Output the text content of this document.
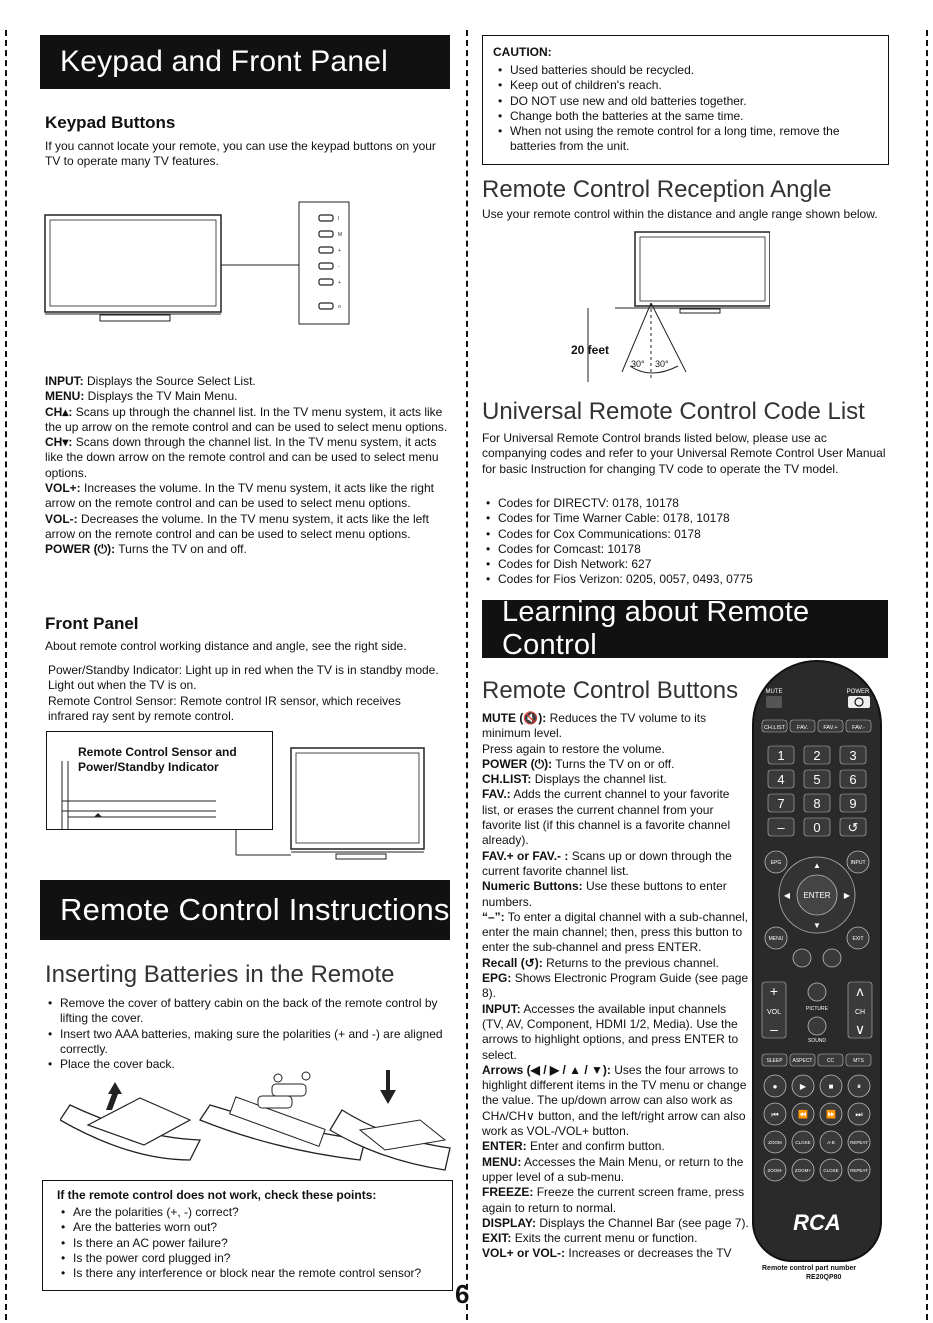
Keypad and Front Panel
Keypad Buttons
If you cannot locate your remote, you can use the keypad buttons on your TV to operate many TV features.
I
M
+
-
+
o

INPUT: Displays the Source Select List.

MENU: Displays the TV Main Menu.

CH▴: Scans up through the channel list. In the TV menu system, it acts like the up arrow on the remote control and can be used to select menu options.

CH▾: Scans down through the channel list. In the TV menu system, it acts like the down arrow on the remote control and can be used to select menu options.

VOL+: Increases the volume. In the TV menu system, it acts like the right arrow on the remote control and can be used to select menu options.

VOL-: Decreases the volume. In the TV menu system, it acts like the left arrow on the remote control and can be used to select menu options.

POWER (⏻): Turns the TV on and off.

Front Panel
About remote control working distance and angle, see the right side.
Power/Standby Indicator: Light up in red when the TV is in standby mode. Light out when the TV is on.
Remote Control Sensor: Remote control IR sensor, which receives infrared ray sent by remote control.
Remote Control Sensor and Power/Standby Indicator
Remote Control Instructions
Inserting Batteries in the Remote
• Remove the cover of battery cabin on the back of the remote control by lifting the cover.
• Insert two AAA batteries, making sure the polarities (+ and -) are aligned correctly.
• Place the cover back.
If the remote control does not work, check these points:
• Are the polarities (+, -) correct?
• Are the batteries worn out?
• Is there an AC power failure?
• Is the power cord plugged in?
• Is there any interference or block near the remote control sensor?
CAUTION:
• Used batteries should be recycled.
• Keep out of children's reach.
• DO NOT use new and old batteries together.
• Change both the batteries at the same time.
• When not using the remote control for a long time, remove the batteries from the unit.
Remote Control Reception Angle
Use your remote control within the distance and angle range shown below.
20 feet
30° 30°
Universal Remote Control Code List
For Universal Remote Control brands listed below, please use ac companying codes and refer to your Universal Remote Control User Manual for basic Instruction for changing TV code to operate the TV model.
• Codes for DIRECTV: 0178, 10178
• Codes for Time Warner Cable: 0178, 10178
• Codes for Cox Communications: 0178
• Codes for Comcast: 10178
• Codes for Dish Network: 627
• Codes for Fios Verizon: 0205, 0057, 0493, 0775
Learning about Remote Control
Remote Control Buttons

MUTE (🔇): Reduces the TV volume to its minimum level.

Press again to restore the volume.

POWER (⏻): Turns the TV on or off.

CH.LIST: Displays the channel list.

FAV.: Adds the current channel to your favorite list, or erases the current channel from your favorite list (if this channel is a favorite channel already).

FAV.+ or FAV.- : Scans up or down through the current favorite channel list.

Numeric Buttons: Use these buttons to enter numbers.

“–”: To enter a digital channel with a sub-channel, enter the main channel; then, press this button to enter the sub-channel and press ENTER.

Recall (↺): Returns to the previous channel.

EPG: Shows Electronic Program Guide (see page 8).

INPUT: Accesses the available input channels (TV, AV, Component, HDMI 1/2, Media). Use the arrows to highlight options, and press ENTER to select.

Arrows (◀ / ▶ / ▲ / ▼): Uses the four arrows to highlight different items in the TV menu or change the value. The up/down arrow can also work as CHʌ/CH∨ button, and the left/right arrow can also work as VOL-/VOL+ button.

ENTER: Enter and confirm button.

MENU: Accesses the Main Menu, or return to the upper level of a sub-menu.

FREEZE: Freeze the current screen frame, press again to return to normal.

DISPLAY: Displays the Channel Bar (see page 7).

EXIT: Exits the current menu or function.

VOL+ or VOL-: Increases or decreases the TV

MUTE	POWER
CH.LIST FAV.	FAV.+	FAV.-
1 2 3
4 5 6
7 8 9
– 0 ↺
EPG	INPUT
ENTER
▲
▼
◀	▶
MENU	EXIT
+
VOL
–
ʌ
CH
∨
PICTURE
SOUND
SLEEP ASPECT	CC	MTS
●	▶	■	⏸
⏮ ⏪ ⏩ ⏭
ZOOM	CLOSE	A-B	REPEAT
ZOOM-	ZOOM+	CLOSE	REPEAT
RCA
Remote control part number
RE20QP80
6
